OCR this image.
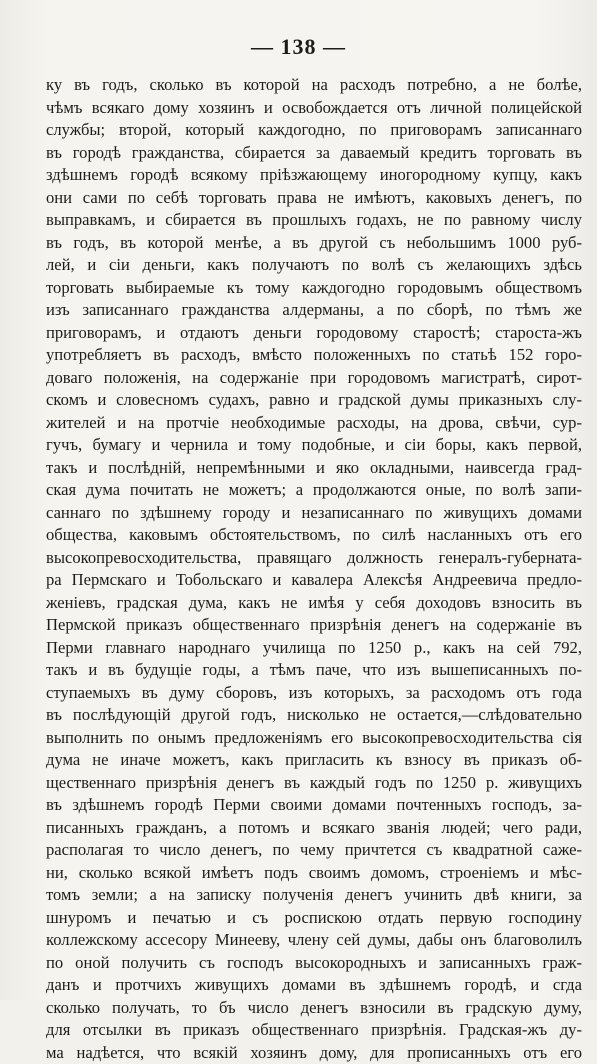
— 138 —
ку въ годъ, сколько въ которой на расходъ потребно, а не болѣе,
чѣмъ всякаго дому хозяинъ и освобождается отъ личной полицейской
службы; второй, который каждогодно, по приговорамъ записаннаго
въ городѣ гражданства, сбирается за даваемый кредитъ торговать въ
здѣшнемъ городѣ всякому пріѣзжающему иногородному купцу, какъ
они сами по себѣ торговать права не имѣютъ, каковыхъ денегъ, по
выправкамъ, и сбирается въ прошлыхъ годахъ, не по равному числу
въ годъ, въ которой менѣе, а въ другой съ небольшимъ 1000 руб-
лей, и сіи деньги, какъ получаютъ по волѣ съ желающихъ здѣсь
торговать выбираемые къ тому каждогодно городовымъ обществомъ
изъ записаннаго гражданства алдерманы, а по сборѣ, по тѣмъ же
приговорамъ, и отдаютъ деньги городовому старостѣ; староста-жъ
употребляетъ въ расходъ, вмѣсто положенныхъ по статьѣ 152 горо-
доваго положенія, на содержаніе при городовомъ магистратѣ, сирот-
скомъ и словесномъ судахъ, равно и градской думы приказныхъ слу-
жителей и на протчіе необходимые расходы, на дрова, свѣчи, сур-
гучъ, бумагу и чернила и тому подобные, и сіи боры, какъ первой,
такъ и послѣдній, непремѣнными и яко окладными, наивсегда град-
ская дума почитать не можетъ; а продолжаются оные, по волѣ запи-
саннаго по здѣшнему городу и незаписаннаго по живущихъ домами
общества, каковымъ обстоятельствомъ, по силѣ насланныхъ отъ его
высокопревосходительства, правящаго должность генералъ-губерната-
ра Пермскаго и Тобольскаго и кавалера Алексѣя Андреевича предло-
женіевъ, градская дума, какъ не имѣя у себя доходовъ взносить въ
Пермской приказъ общественнаго призрѣнія денегъ на содержаніе въ
Перми главнаго народнаго училища по 1250 р., какъ на сей 792,
такъ и въ будущіе годы, а тѣмъ паче, что изъ вышеписанныхъ по-
ступаемыхъ въ думу сборовъ, изъ которыхъ, за расходомъ отъ года
въ послѣдующій другой годъ, нисколько не остается,—слѣдовательно
выполнить по онымъ предложеніямъ его высокопревосходительства сія
дума не иначе можетъ, какъ пригласить къ взносу въ приказъ об-
щественнаго призрѣнія денегъ въ каждый годъ по 1250 р. живущихъ
въ здѣшнемъ городѣ Перми своими домами почтенныхъ господъ, за-
писанныхъ гражданъ, а потомъ и всякаго званія людей; чего ради,
располагая то число денегъ, по чему причтется съ квадратной саже-
ни, сколько всякой имѣетъ подъ своимъ домомъ, строеніемъ и мѣс-
томъ земли; а на записку полученія денегъ учинить двѣ книги, за
шнуромъ и печатью и съ роспискою отдать первую господину
коллежскому ассесору Минееву, члену сей думы, дабы онъ благоволилъ
по оной получить съ господъ высокородныхъ и записанныхъ граж-
данъ и протчихъ живущихъ домами въ здѣшнемъ городѣ, и сгда
сколько получать, то бъ число денегъ взносили въ градскую думу,
для отсылки въ приказъ общественнаго призрѣнія. Градская-жъ ду-
ма надѣется, что всякій хозяинъ дому, для прописанныхъ отъ его
